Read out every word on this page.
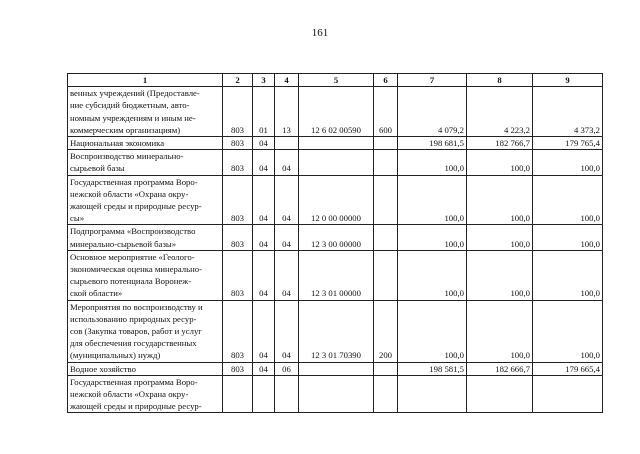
161
1	2	3	4	5	6	7	8	9
венных учреждений (Предоставле-
ние субсидий бюджетным, авто-
номным учреждениям и иным не-
коммерческим организациям)	803	01	13	12 6 02 00590	600	4 079,2	4 223,2	4 373,2
Национальная экономика	803	04				198 681,5	182 766,7	179 765,4
Воспроизводство минерально-
сырьевой базы	803	04	04			100,0	100,0	100,0
Государственная программа Воро-
нежской области «Охрана окру-
жающей среды и природные ресур-
сы»	803	04	04	12 0 00 00000		100,0	100,0	100,0
Подпрограмма «Воспроизводство
минерально-сырьевой базы»	803	04	04	12 3 00 00000		100,0	100,0	100,0
Основное мероприятие «Геолого-
экономическая оценка минерально-
сырьевого потенциала Воронеж-
ской области»	803	04	04	12 3 01 00000		100,0	100,0	100,0
Мероприятия по воспроизводству и
использованию природных ресур-
сов (Закупка товаров, работ и услуг
для обеспечения государственных
(муниципальных) нужд)	803	04	04	12 3 01 70390	200	100,0	100,0	100,0
Водное хозяйство	803	04	06			198 581,5	182 666,7	179 665,4
Государственная программа Воро-
нежской области «Охрана окру-
жающей среды и природные ресур-								
